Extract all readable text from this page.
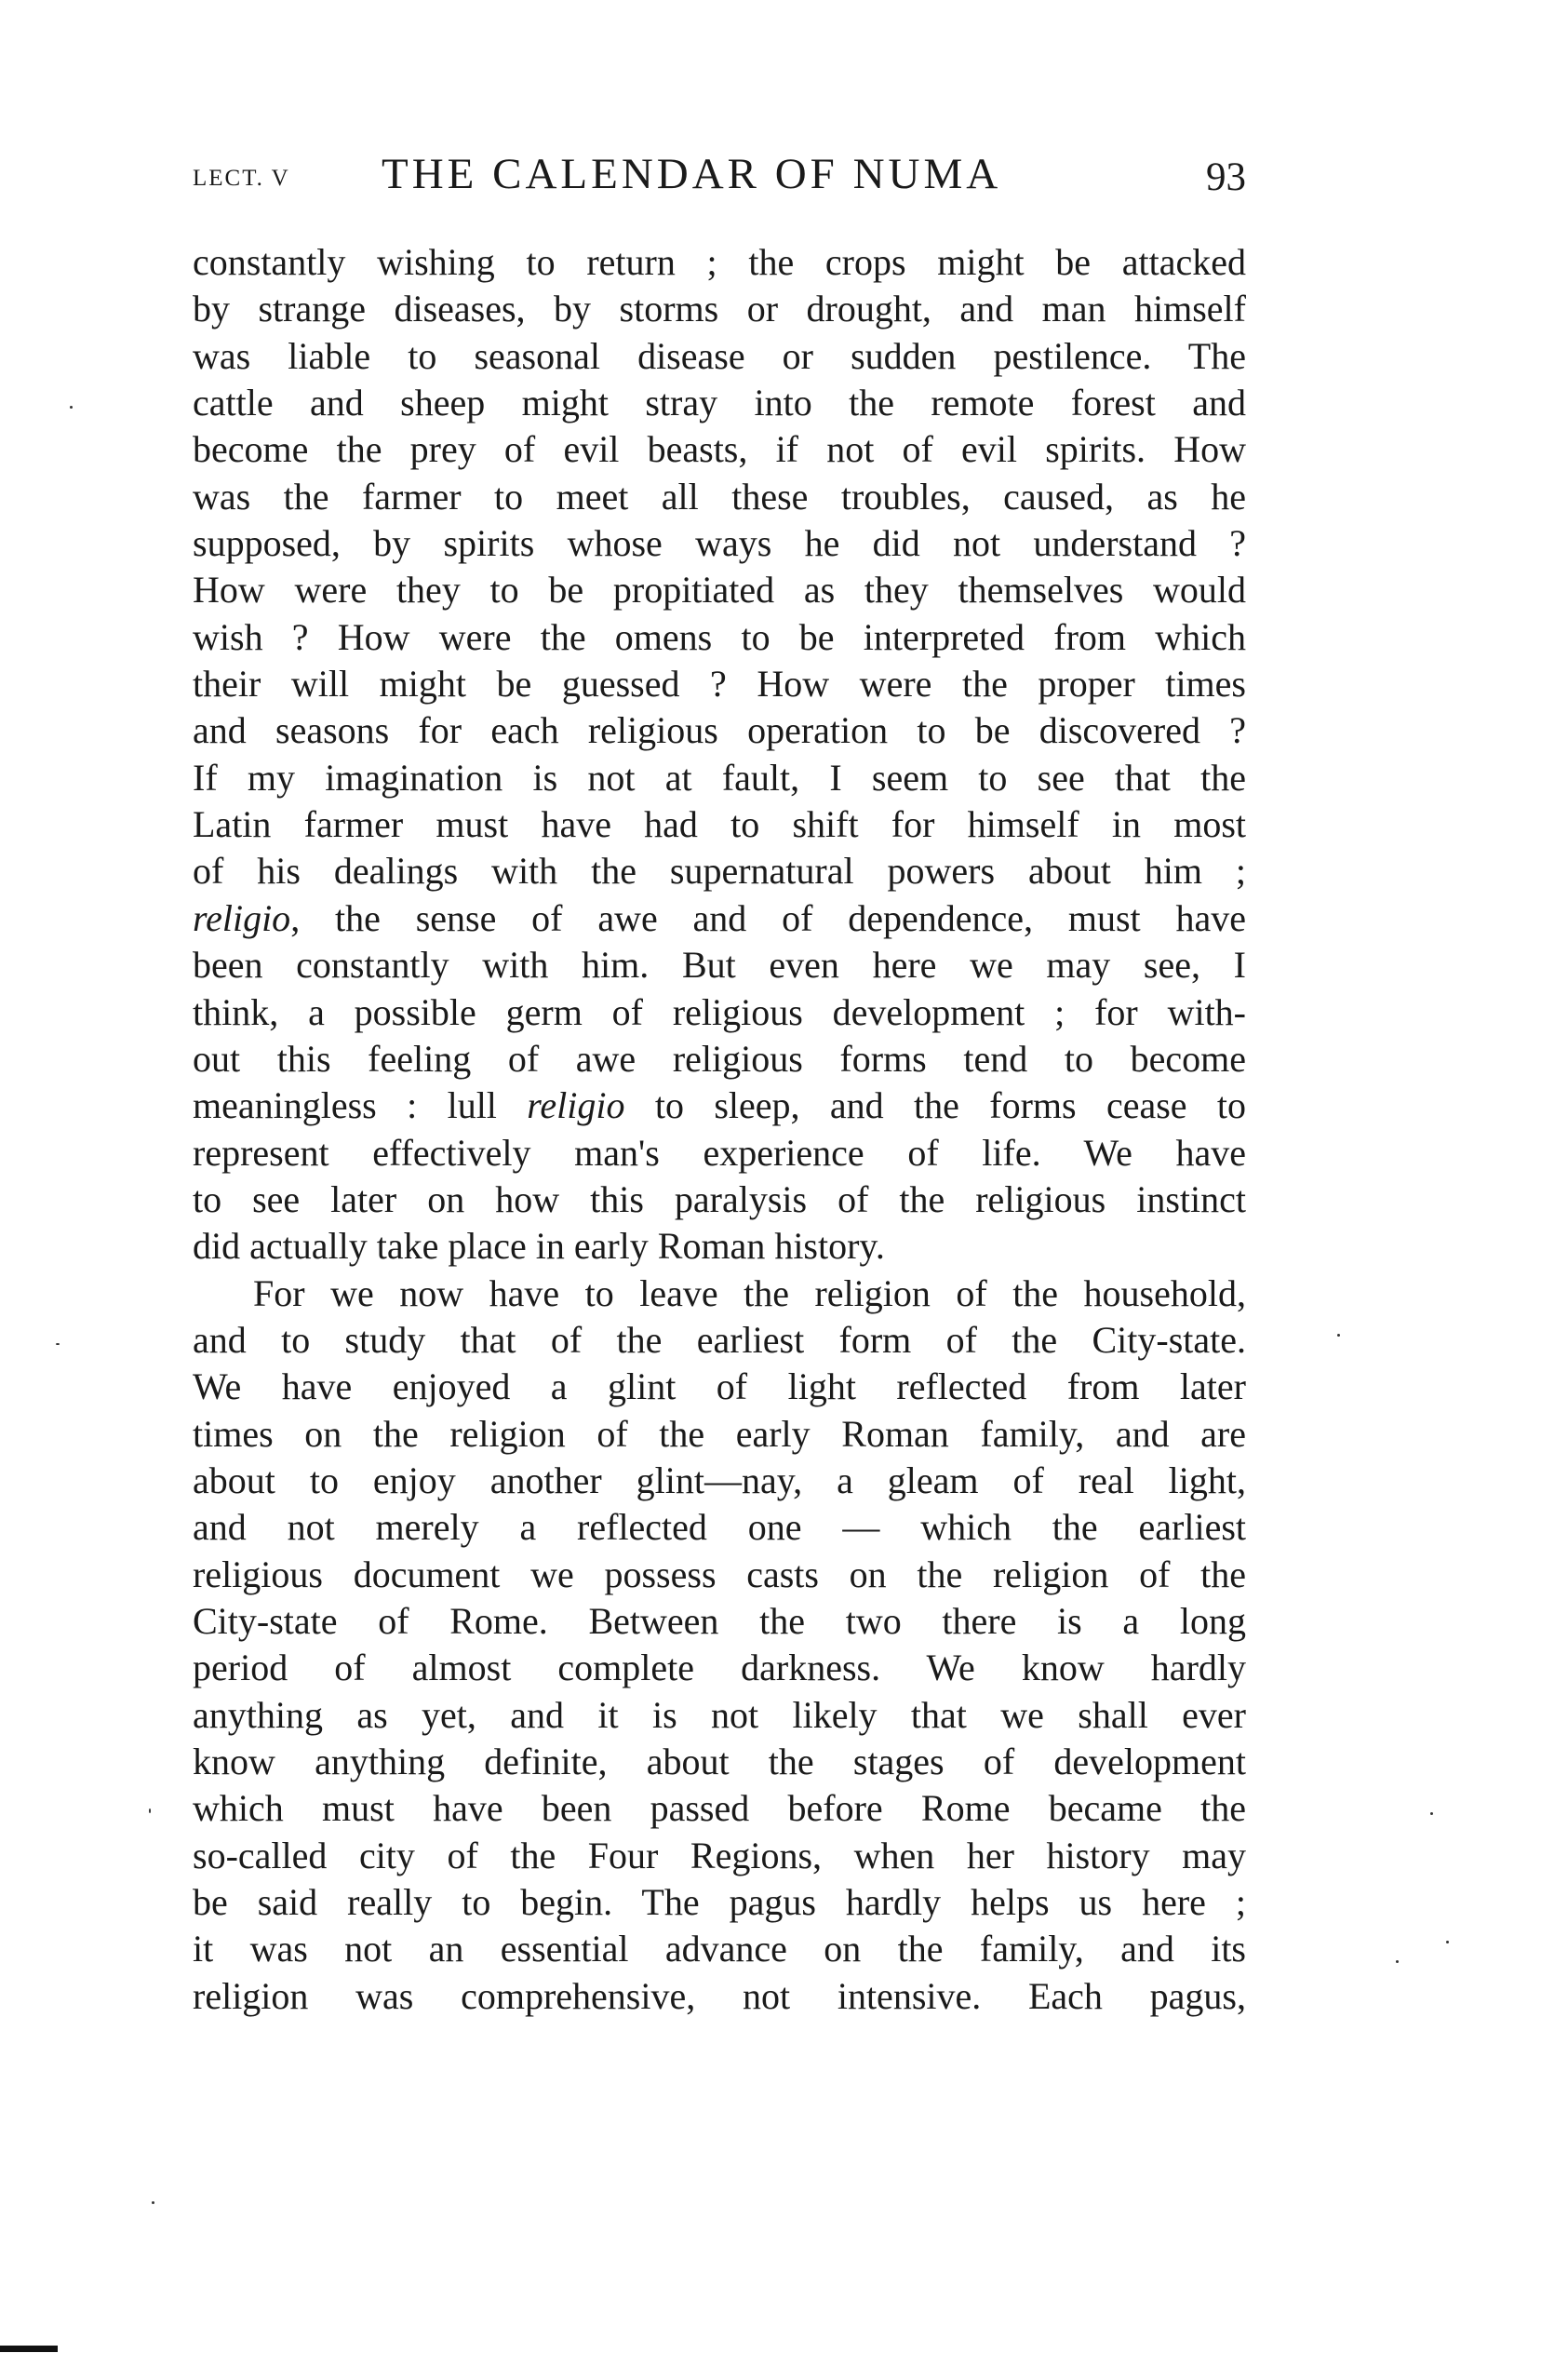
LECT. V THE CALENDAR OF NUMA	93
constantly wishing to return ; the crops might be attacked
by strange diseases, by storms or drought, and man himself
was liable to seasonal disease or sudden pestilence. The
cattle and sheep might stray into the remote forest and
become the prey of evil beasts, if not of evil spirits. How
was the farmer to meet all these troubles, caused, as he
supposed, by spirits whose ways he did not understand ?
How were they to be propitiated as they themselves would
wish ? How were the omens to be interpreted from which
their will might be guessed ? How were the proper times
and seasons for each religious operation to be discovered ?
If my imagination is not at fault, I seem to see that the
Latin farmer must have had to shift for himself in most
of his dealings with the supernatural powers about him ;
religio, the sense of awe and of dependence, must have
been constantly with him. But even here we may see, I
think, a possible germ of religious development ; for with-
out this feeling of awe religious forms tend to become
meaningless : lull religio to sleep, and the forms cease to
represent effectively man's experience of life. We have
to see later on how this paralysis of the religious instinct
did actually take place in early Roman history.
For we now have to leave the religion of the household,
and to study that of the earliest form of the City-state.
We have enjoyed a glint of light reflected from later
times on the religion of the early Roman family, and are
about to enjoy another glint—nay, a gleam of real light,
and not merely a reflected one — which the earliest
religious document we possess casts on the religion of the
City-state of Rome. Between the two there is a long
period of almost complete darkness. We know hardly
anything as yet, and it is not likely that we shall ever
know anything definite, about the stages of development
which must have been passed before Rome became the
so-called city of the Four Regions, when her history may
be said really to begin. The pagus hardly helps us here ;
it was not an essential advance on the family, and its
religion was comprehensive, not intensive. Each pagus,
